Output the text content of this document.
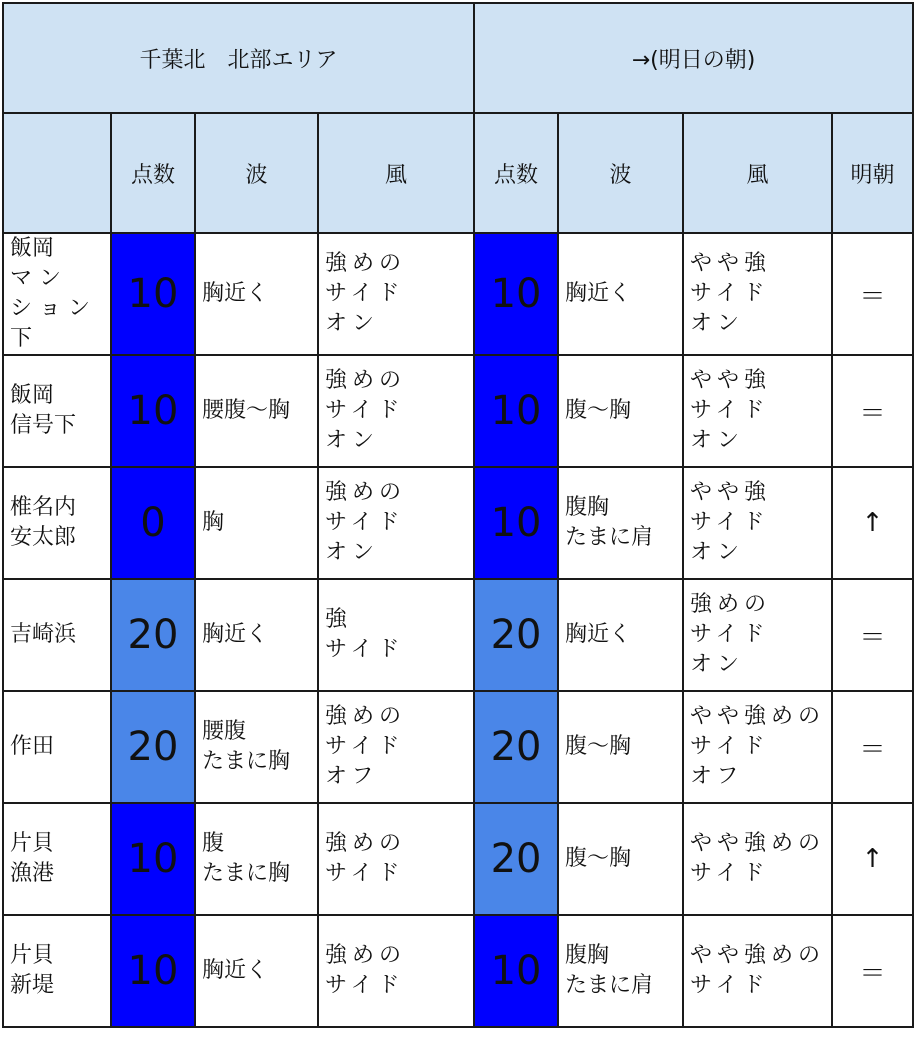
千葉北　北部エリア				→(明日の朝)			
	点数	波	風	点数	波	風	明朝
飯岡
マ ン
シ ョ ン
下	10	胸近く	強めの
サイド
オン	10	胸近く	やや強
サイド
オン	＝
飯岡
信号下	10	腰腹〜胸	強めの
サイド
オン	10	腹〜胸	やや強
サイド
オン	＝
椎名内
安太郎	0	胸	強めの
サイド
オン	10	腹胸
たまに肩	やや強
サイド
オン	↑
吉崎浜	20	胸近く	強
サイド	20	胸近く	強めの
サイド
オン	＝
作田	20	腰腹
たまに胸	強めの
サイド
オフ	20	腹〜胸	やや強めの
サイド
オフ	＝
片貝
漁港	10	腹
たまに胸	強めの
サイド	20	腹〜胸	やや強めの
サイド	↑
片貝
新堤	10	胸近く	強めの
サイド	10	腹胸
たまに肩	やや強めの
サイド	＝
